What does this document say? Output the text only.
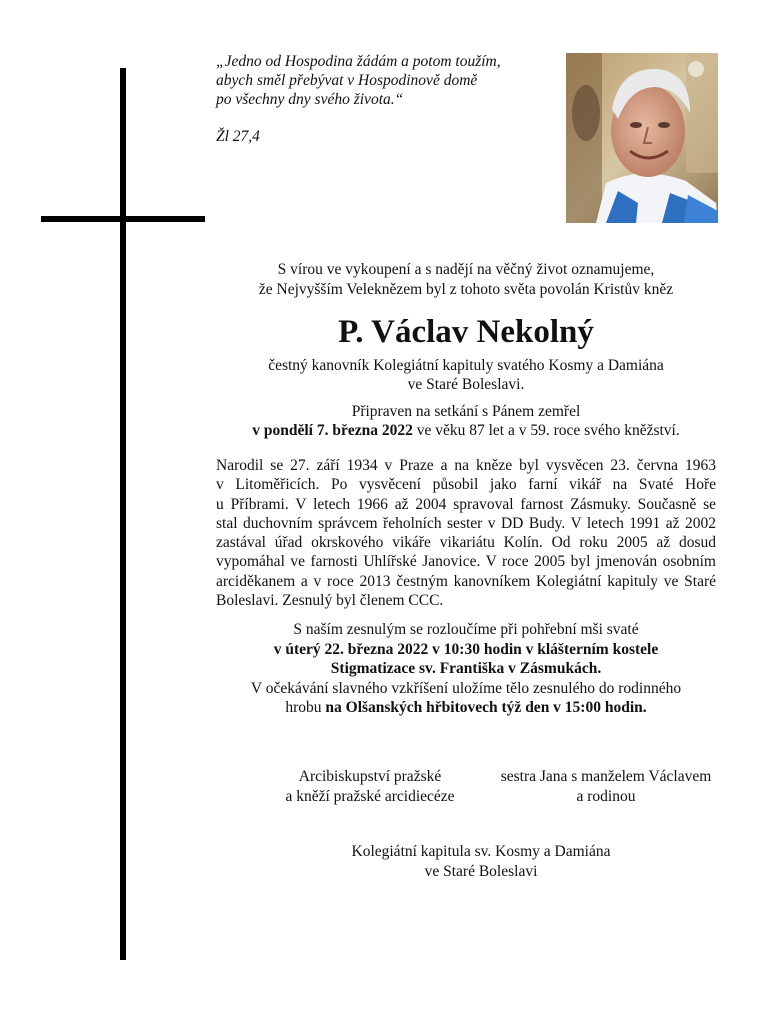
„Jedno od Hospodina žádám a potom toužím,
abych směl přebývat v Hospodinově domě
po všechny dny svého života.“
Žl 27,4
S vírou ve vykoupení a s nadějí na věčný život oznamujeme,
že Nejvyšším Veleknězem byl z tohoto světa povolán Kristův kněz
P. Václav Nekolný
čestný kanovník Kolegiátní kapituly svatého Kosmy a Damiána
ve Staré Boleslavi.
Připraven na setkání s Pánem zemřel
v pondělí 7. března 2022 ve věku 87 let a v 59. roce svého kněžství.
Narodil se 27. září 1934 v Praze a na kněze byl vysvěcen 23. června 1963
v Litoměřicích. Po vysvěcení působil jako farní vikář na Svaté Hoře
u Příbrami. V letech 1966 až 2004 spravoval farnost Zásmuky. Současně se
stal duchovním správcem řeholních sester v DD Budy. V letech 1991 až 2002
zastával úřad okrskového vikáře vikariátu Kolín. Od roku 2005 až dosud
vypomáhal ve farnosti Uhlířské Janovice. V roce 2005 byl jmenován osobním
arciděkanem a v roce 2013 čestným kanovníkem Kolegiátní kapituly ve Staré
Boleslavi. Zesnulý byl členem CCC.
S naším zesnulým se rozloučíme při pohřební mši svaté
v úterý 22. března 2022 v 10:30 hodin v klášterním kostele
Stigmatizace sv. Františka v Zásmukách.
V očekávání slavného vzkříšení uložíme tělo zesnulého do rodinného
hrobu na Olšanských hřbitovech týž den v 15:00 hodin.
Arcibiskupství pražské
a kněží pražské arcidiecéze
sestra Jana s manželem Václavem
a rodinou
Kolegiátní kapitula sv. Kosmy a Damiána
ve Staré Boleslavi
